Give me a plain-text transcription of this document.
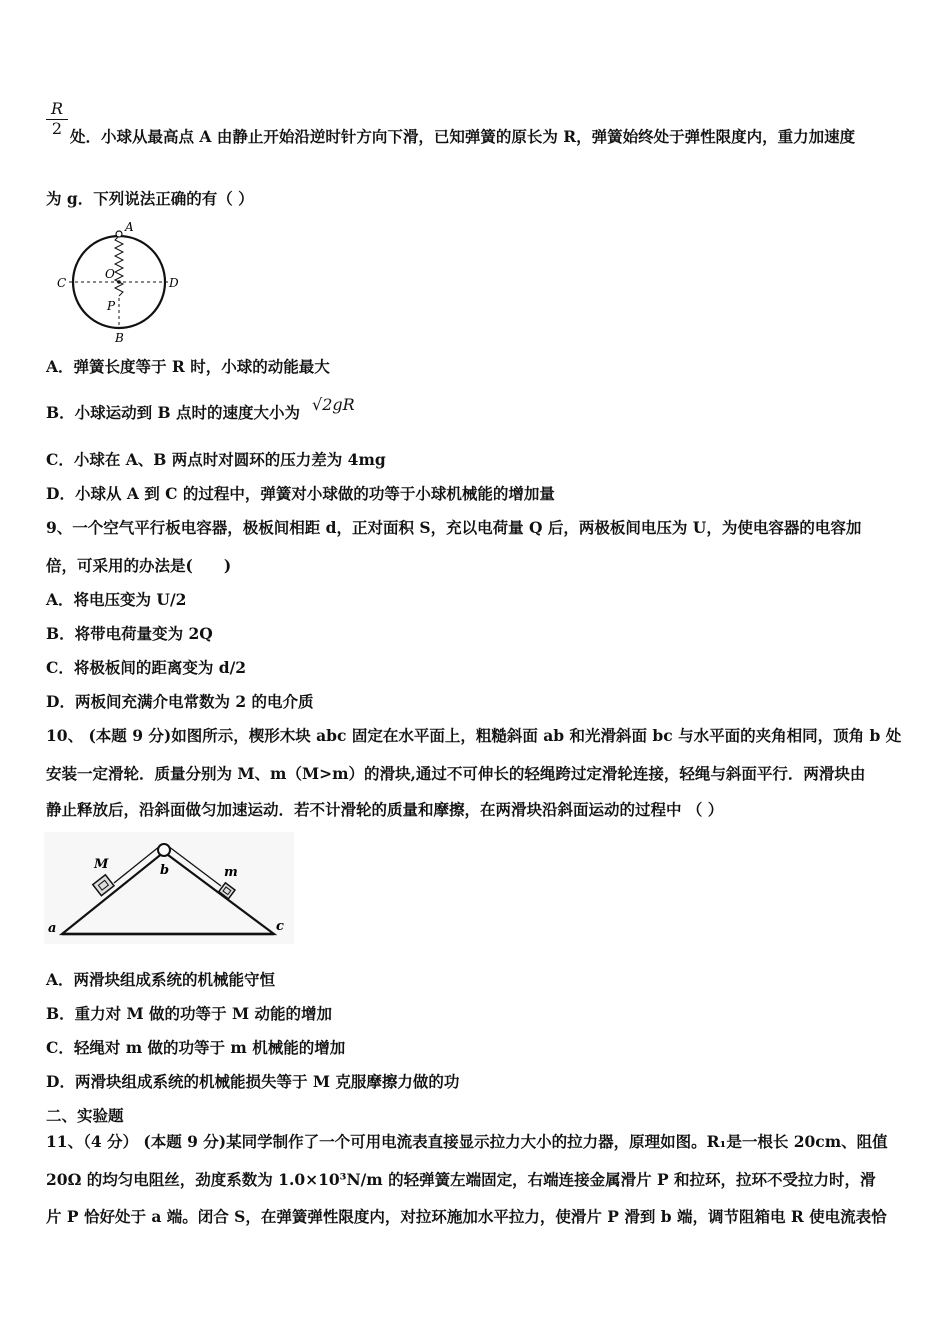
$\frac{R}{2}$ 处．小球从最高点 A 由静止开始沿逆时针方向下滑，已知弹簧的原长为 R，弹簧始终处于弹性限度内，重力加速度
为 g．下列说法正确的有（ ）
A
C	D
O
P
B
A．弹簧长度等于 R 时，小球的动能最大
B．小球运动到 B 点时的速度大小为 √2gR
C．小球在 A、B 两点时对圆环的压力差为 4mg
D．小球从 A 到 C 的过程中，弹簧对小球做的功等于小球机械能的增加量
9、一个空气平行板电容器，极板间相距 d，正对面积 S，充以电荷量 Q 后，两极板间电压为 U，为使电容器的电容加
倍，可采用的办法是(　　)
A．将电压变为 U/2
B．将带电荷量变为 2Q
C．将极板间的距离变为 d/2
D．两板间充满介电常数为 2 的电介质
10、 (本题 9 分)如图所示，楔形木块 abc 固定在水平面上，粗糙斜面 ab 和光滑斜面 bc 与水平面的夹角相同，顶角 b 处
安装一定滑轮．质量分别为 M、m（M>m）的滑块,通过不可伸长的轻绳跨过定滑轮连接，轻绳与斜面平行．两滑块由
静止释放后，沿斜面做匀加速运动．若不计滑轮的质量和摩擦，在两滑块沿斜面运动的过程中 （ ）
M
m
b
a	c
A．两滑块组成系统的机械能守恒
B．重力对 M 做的功等于 M 动能的增加
C．轻绳对 m 做的功等于 m 机械能的增加
D．两滑块组成系统的机械能损失等于 M 克服摩擦力做的功
二、实验题
11、（4 分） (本题 9 分)某同学制作了一个可用电流表直接显示拉力大小的拉力器，原理如图。R₁是一根长 20cm、阻值
20Ω 的均匀电阻丝，劲度系数为 1.0×10³N/m 的轻弹簧左端固定，右端连接金属滑片 P 和拉环，拉环不受拉力时，滑
片 P 恰好处于 a 端。闭合 S，在弹簧弹性限度内，对拉环施加水平拉力，使滑片 P 滑到 b 端，调节阻箱电 R 使电流表恰
